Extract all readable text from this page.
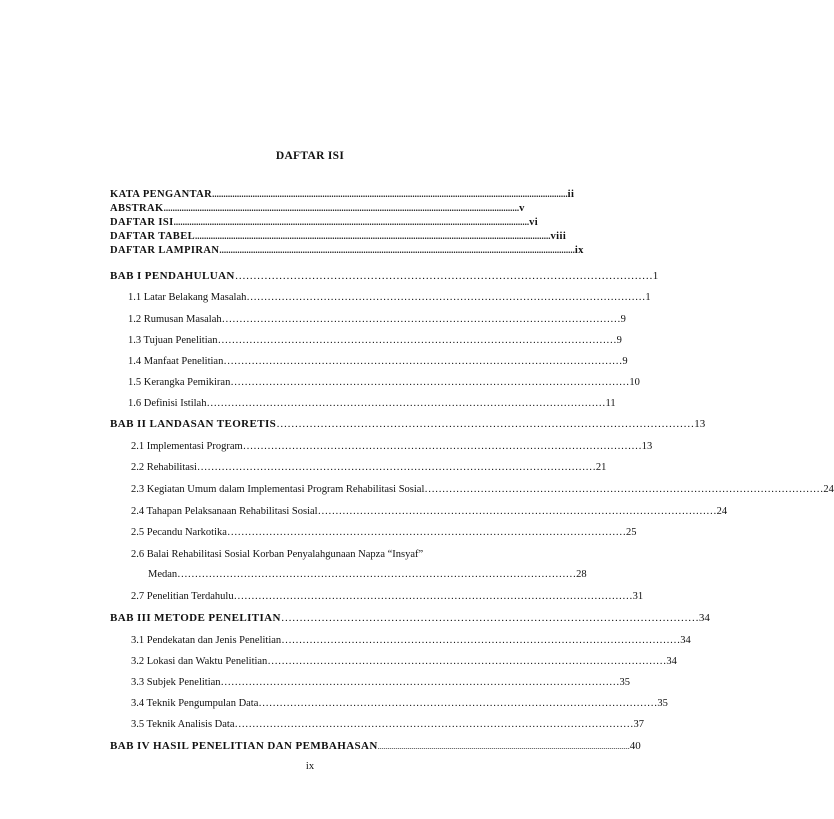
DAFTAR ISI
KATA PENGANTAR .............................................................................................................................................................. ii
ABSTRAK .............................................................................................................................................................. v
DAFTAR ISI .............................................................................................................................................................. vi
DAFTAR TABEL .............................................................................................................................................................. viii
DAFTAR LAMPIRAN .............................................................................................................................................................. ix
BAB I PENDAHULUAN …………………………………………………………………………………………………… 1
1.1 Latar Belakang Masalah …………………………………………………………………………………………………… 1
1.2 Rumusan Masalah …………………………………………………………………………………………………… 9
1.3 Tujuan Penelitian …………………………………………………………………………………………………… 9
1.4 Manfaat Penelitian …………………………………………………………………………………………………… 9
1.5 Kerangka Pemikiran …………………………………………………………………………………………………… 10
1.6 Definisi Istilah …………………………………………………………………………………………………… 11
BAB II LANDASAN TEORETIS …………………………………………………………………………………………………… 13
2.1 Implementasi Program …………………………………………………………………………………………………… 13
2.2 Rehabilitasi …………………………………………………………………………………………………… 21
2.3 Kegiatan Umum dalam Implementasi Program Rehabilitasi Sosial …………………………………………………………………………………………………… 24
2.4 Tahapan Pelaksanaan Rehabilitasi Sosial …………………………………………………………………………………………………… 24
2.5 Pecandu Narkotika …………………………………………………………………………………………………… 25
2.6 Balai Rehabilitasi Sosial Korban Penyalahgunaan Napza “Insyaf”
Medan …………………………………………………………………………………………………… 28
2.7 Penelitian Terdahulu …………………………………………………………………………………………………… 31
BAB III METODE PENELITIAN …………………………………………………………………………………………………… 34
3.1 Pendekatan dan Jenis Penelitian …………………………………………………………………………………………………… 34
3.2 Lokasi dan Waktu Penelitian …………………………………………………………………………………………………… 34
3.3 Subjek Penelitian …………………………………………………………………………………………………… 35
3.4 Teknik Pengumpulan Data …………………………………………………………………………………………………… 35
3.5 Teknik Analisis Data …………………………………………………………………………………………………… 37
BAB IV HASIL PENELITIAN DAN PEMBAHASAN .............................................................................................................................. 40
ix
